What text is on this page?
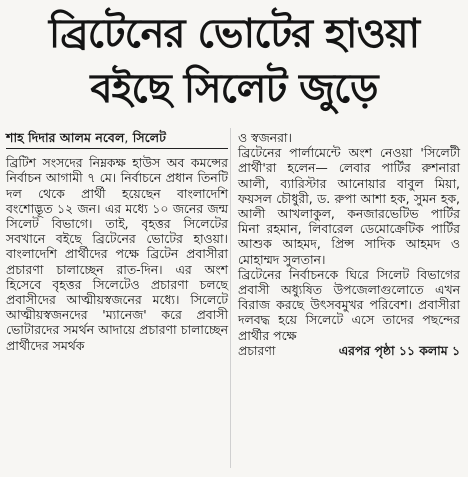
ব্রিটেনের ভোটের হাওয়া
বইছে সিলেট জুড়ে
শাহ দিদার আলম নবেল, সিলেট

ব্রিটিশ সংসদের নিম্নকক্ষ হাউস অব কমন্সের নির্বাচন আগামী ৭ মে। নির্বাচনে প্রধান তিনটি দল থেকে প্রার্থী হয়েছেন বাংলাদেশি বংশোদ্ভূত ১২ জন। এর মধ্যে ১০ জনের জন্ম সিলেট বিভাগে। তাই, বৃহত্তর সিলেটের সবখানে বইছে ব্রিটেনের ভোটের হাওয়া। বাংলাদেশি প্রার্থীদের পক্ষে ব্রিটেন প্রবাসীরা প্রচারণা চালাচ্ছেন রাত-দিন। এর অংশ হিসেবে বৃহত্তর সিলেটেও প্রচারণা চলছে প্রবাসীদের আত্মীয়স্বজনের মধ্যে। সিলেটে আত্মীয়স্বজনদের 'ম্যানেজ' করে প্রবাসী ভোটারদের সমর্থন আদায়ে প্রচারণা চালাচ্ছেন প্রার্থীদের সমর্থক

ও স্বজনরা।

ব্রিটেনের পার্লামেন্টে অংশ নেওয়া 'সিলেটী প্রার্থী'রা হলেন— লেবার পার্টির রুশনারা আলী, ব্যারিস্টার আনোয়ার বাবুল মিয়া, ফয়সল চৌধুরী, ড. রুপা আশা হক, সুমন হক, আলী আখলাকুল, কনজারভেটিভ পার্টির মিনা রহমান, লিবারেল ডেমোক্রেটিক পার্টির আশুক আহমদ, প্রিন্স সাদিক আহমদ ও মোহাম্মদ সুলতান।

ব্রিটেনের নির্বাচনকে ঘিরে সিলেট বিভাগের প্রবাসী অধ্যুষিত উপজেলাগুলোতে এখন বিরাজ করছে উৎসবমুখর পরিবেশ। প্রবাসীরা দলবদ্ধ হয়ে সিলেটে এসে তাদের পছন্দের প্রার্থীর পক্ষে

প্রচারণা	এরপর পৃষ্ঠা ১১ কলাম ১
